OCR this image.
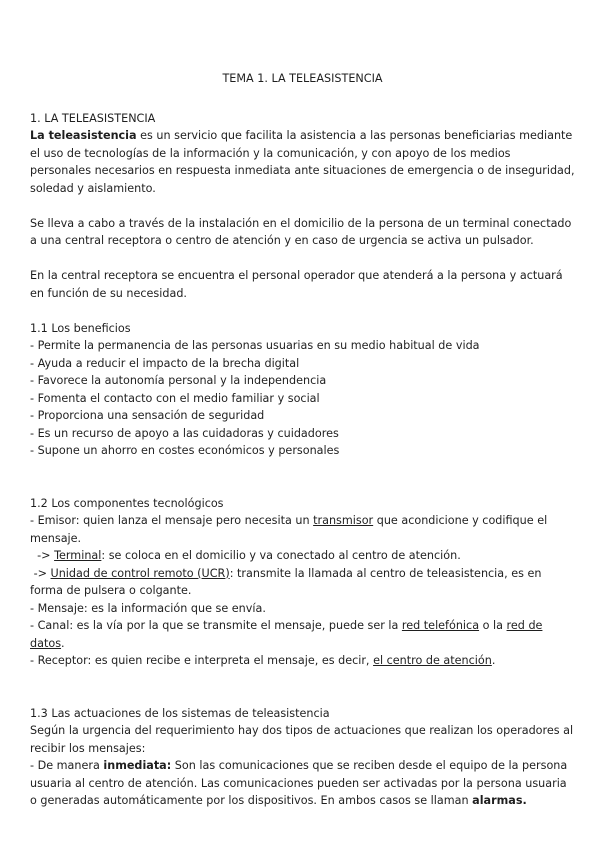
TEMA 1. LA TELEASISTENCIA

1. LA TELEASISTENCIA

La teleasistencia es un servicio que facilita la asistencia a las personas beneficiarias mediante el uso de tecnologías de la información y la comunicación, y con apoyo de los medios personales necesarios en respuesta inmediata ante situaciones de emergencia o de inseguridad, soledad y aislamiento.

Se lleva a cabo a través de la instalación en el domicilio de la persona de un terminal conectado a una central receptora o centro de atención y en caso de urgencia se activa un pulsador.

En la central receptora se encuentra el personal operador que atenderá a la persona y actuará en función de su necesidad.

1.1 Los beneficios

- Permite la permanencia de las personas usuarias en su medio habitual de vida

- Ayuda a reducir el impacto de la brecha digital

- Favorece la autonomía personal y la independencia

- Fomenta el contacto con el medio familiar y social

- Proporciona una sensación de seguridad

- Es un recurso de apoyo a las cuidadoras y cuidadores

- Supone un ahorro en costes económicos y personales

1.2 Los componentes tecnológicos

- Emisor: quien lanza el mensaje pero necesita un transmisor que acondicione y codifique el mensaje.

-> Terminal: se coloca en el domicilio y va conectado al centro de atención.

-> Unidad de control remoto (UCR): transmite la llamada al centro de teleasistencia, es en forma de pulsera o colgante.

- Mensaje: es la información que se envía.

- Canal: es la vía por la que se transmite el mensaje, puede ser la red telefónica o la red de datos.

- Receptor: es quien recibe e interpreta el mensaje, es decir, el centro de atención.

1.3 Las actuaciones de los sistemas de teleasistencia

Según la urgencia del requerimiento hay dos tipos de actuaciones que realizan los operadores al recibir los mensajes:

- De manera inmediata: Son las comunicaciones que se reciben desde el equipo de la persona usuaria al centro de atención. Las comunicaciones pueden ser activadas por la persona usuaria o generadas automáticamente por los dispositivos. En ambos casos se llaman alarmas.
